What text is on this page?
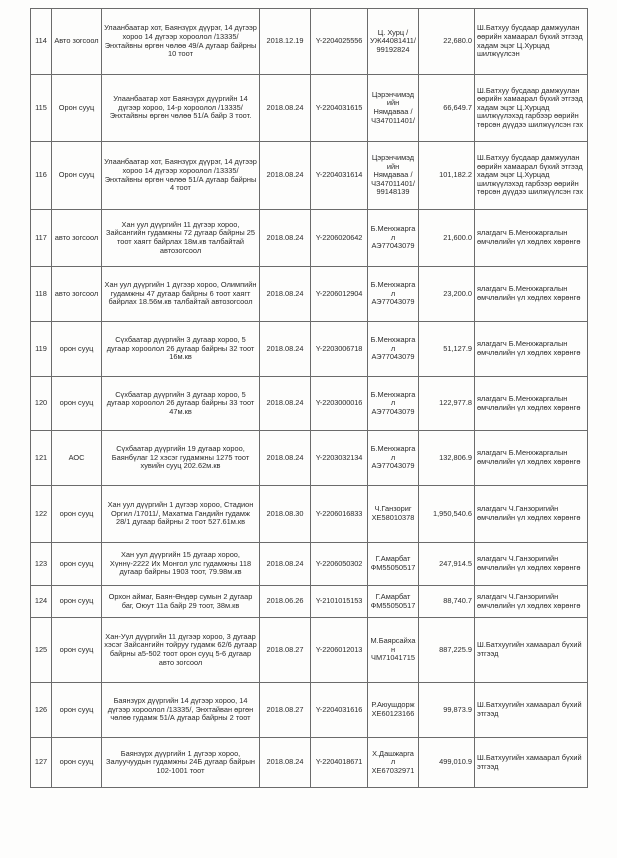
114	Авто зогсоол	Улаанбаатар хот, Баянзүрх дүүрэг, 14 дүгээр хороо 14 дүгээр хороолол /13335/ Энхтайвны өргөн чөлөө 49/А дугаар байрны 10 тоот	2018.12.19	Y-2204025556	Ц. Хурц /УЖ44081411/ 99192824	22,680.0	Ш.Батхуу бусдаар дамжуулан өөрийн хамаарал бүхий этгээд хадам эцэг Ц.Хурцад шилжүүлсэн
115	Орон сууц	Улаанбаатар хот Баянзүрх дүүргийн 14 дүгээр хороо, 14-р хороолол /13335/ Энхтайвны өргөн чөлөө 51/А байр 3 тоот.	2018.08.24	Y-2204031615	Цэрэнчимэдийн Нямдаваа /ЧЗ47011401/	66,649.7	Ш.Батхуу бусдаар дамжуулан өөрийн хамаарал бүхий этгээд хадам эцэг Ц.Хурцад шилжүүлэхэд гарбээр өөрийн төрсөн дүүдээ шилжүүлсэн гэх
116	Орон сууц	Улаанбаатар хот, Баянзүрх дүүрэг, 14 дүгээр хороо 14 дүгээр хороолол /13335/ Энхтайвны өргөн чөлөө 51/А дугаар байрны 4 тоот	2018.08.24	Y-2204031614	Цэрэнчимэдийн Нямдаваа /ЧЗ47011401/ 99148139	101,182.2	Ш.Батхуу бусдаар дамжуулан өөрийн хамаарал бүхий этгээд хадам эцэг Ц.Хурцад шилжүүлэхэд гарбээр өөрийн төрсөн дүүдээ шилжүүлсэн гэх
117	авто зогсоол	Хан уул дүүргийн 11 дүгээр хороо, Зайсангийн гудамжны 72 дугаар байрны 25 тоот хаягт байрлах 18м.кв талбайтай автозогсоол	2018.08.24	Y-2206020642	Б.Менхжаргал АЭ77043079	21,600.0	ялагдагч Б.Менхжаргалын өмчлөлийн үл хөдлөх хөрөнгө
118	авто зогсоол	Хан уул дүүргийн 1 дүгээр хороо, Олимпийн гудамжны 47 дугаар байрны 6 тоот хаягт байрлах 18.56м.кв талбайтай автозогсоол	2018.08.24	Y-2206012904	Б.Менхжаргал АЭ77043079	23,200.0	ялагдагч Б.Менхжаргалын өмчлөлийн үл хөдлөх хөрөнгө
119	орон сууц	Сүхбаатар дүүргийн 3 дугаар хороо, 5 дугаар хороолол 26 дугаар байрны 32 тоот 16м.кв	2018.08.24	Y-2203006718	Б.Менхжаргал АЭ77043079	51,127.9	ялагдагч Б.Менхжаргалын өмчлөлийн үл хөдлөх хөрөнгө
120	орон сууц	Сүхбаатар дүүргийн 3 дугаар хороо, 5 дугаар хороолол 26 дугаар байрны 33 тоот 47м.кв	2018.08.24	Y-2203000016	Б.Менхжаргал АЭ77043079	122,977.8	ялагдагч Б.Менхжаргалын өмчлөлийн үл хөдлөх хөрөнгө
121	АОС	Сүхбаатар дүүргийн 19 дугаар хороо, Баянбүлаг 12 хэсэг гудамжны 1275 тоот хувийн сууц 202.62м.кв	2018.08.24	Y-2203032134	Б.Менхжаргал АЭ77043079	132,806.9	ялагдагч Б.Менхжаргалын өмчлөлийн үл хөдлөх хөрөнгө
122	орон сууц	Хан уул дүүргийн 1 дүгээр хороо, Стадион Оргил /17011/, Махатма Гандийн гудамж 28/1 дугаар байрны 2 тоот 527.61м.кв	2018.08.30	Y-2206016833	Ч.Ганзориг ХЕ58010378	1,950,540.6	ялагдагч Ч.Ганзоригийн өмчлөлийн үл хөдлөх хөрөнгө
123	орон сууц	Хан уул дүүргийн 15 дугаар хороо, Хүннү-2222 Их Монгол улс гудамжны 118 дугаар байрны 1903 тоот, 79.98м.кв	2018.08.24	Y-2206050302	Г.Амарбат ФМ55050517	247,914.5	ялагдагч Ч.Ганзоригийн өмчлөлийн үл хөдлөх хөрөнгө
124	орон сууц	Орхон аймаг, Баян-Өндөр сумын 2 дугаар баг, Оюут 11а байр 29 тоот, 38м.кв	2018.06.26	Y-2101015153	Г.Амарбат ФМ55050517	88,740.7	ялагдагч Ч.Ганзоригийн өмчлөлийн үл хөдлөх хөрөнгө
125	орон сууц	Хан-Уул дүүргийн 11 дүгээр хороо, 3 дугаар хэсэг Зайсангийн тойруу гудамж 62/6 дугаар байрны а5-502 тоот орон сууц 5-6 дугаар авто зогсоол	2018.08.27	Y-2206012013	М.Баярсайхан ЧМ71041715	887,225.9	Ш.Батхуугийн хамаарал бүхий этгээд
126	орон сууц	Баянзүрх дүүргийн 14 дүгээр хороо, 14 дүгээр хороолол /13335/, Энхтайван өргөн чөлөө гудамж 51/А дугаар байрны 2 тоот	2018.08.27	Y-2204031616	Р.Аюушдорж ХЕ60123166	99,873.9	Ш.Батхуугийн хамаарал бүхий этгээд
127	орон сууц	Баянзүрх дүүргийн 1 дүгээр хороо, Залуучуудын гудамжны 24Б дугаар байрын 102-1001 тоот	2018.08.24	Y-2204018671	Х.Дашжаргал ХЕ67032971	499,010.9	Ш.Батхуугийн хамаарал бүхий этгээд
